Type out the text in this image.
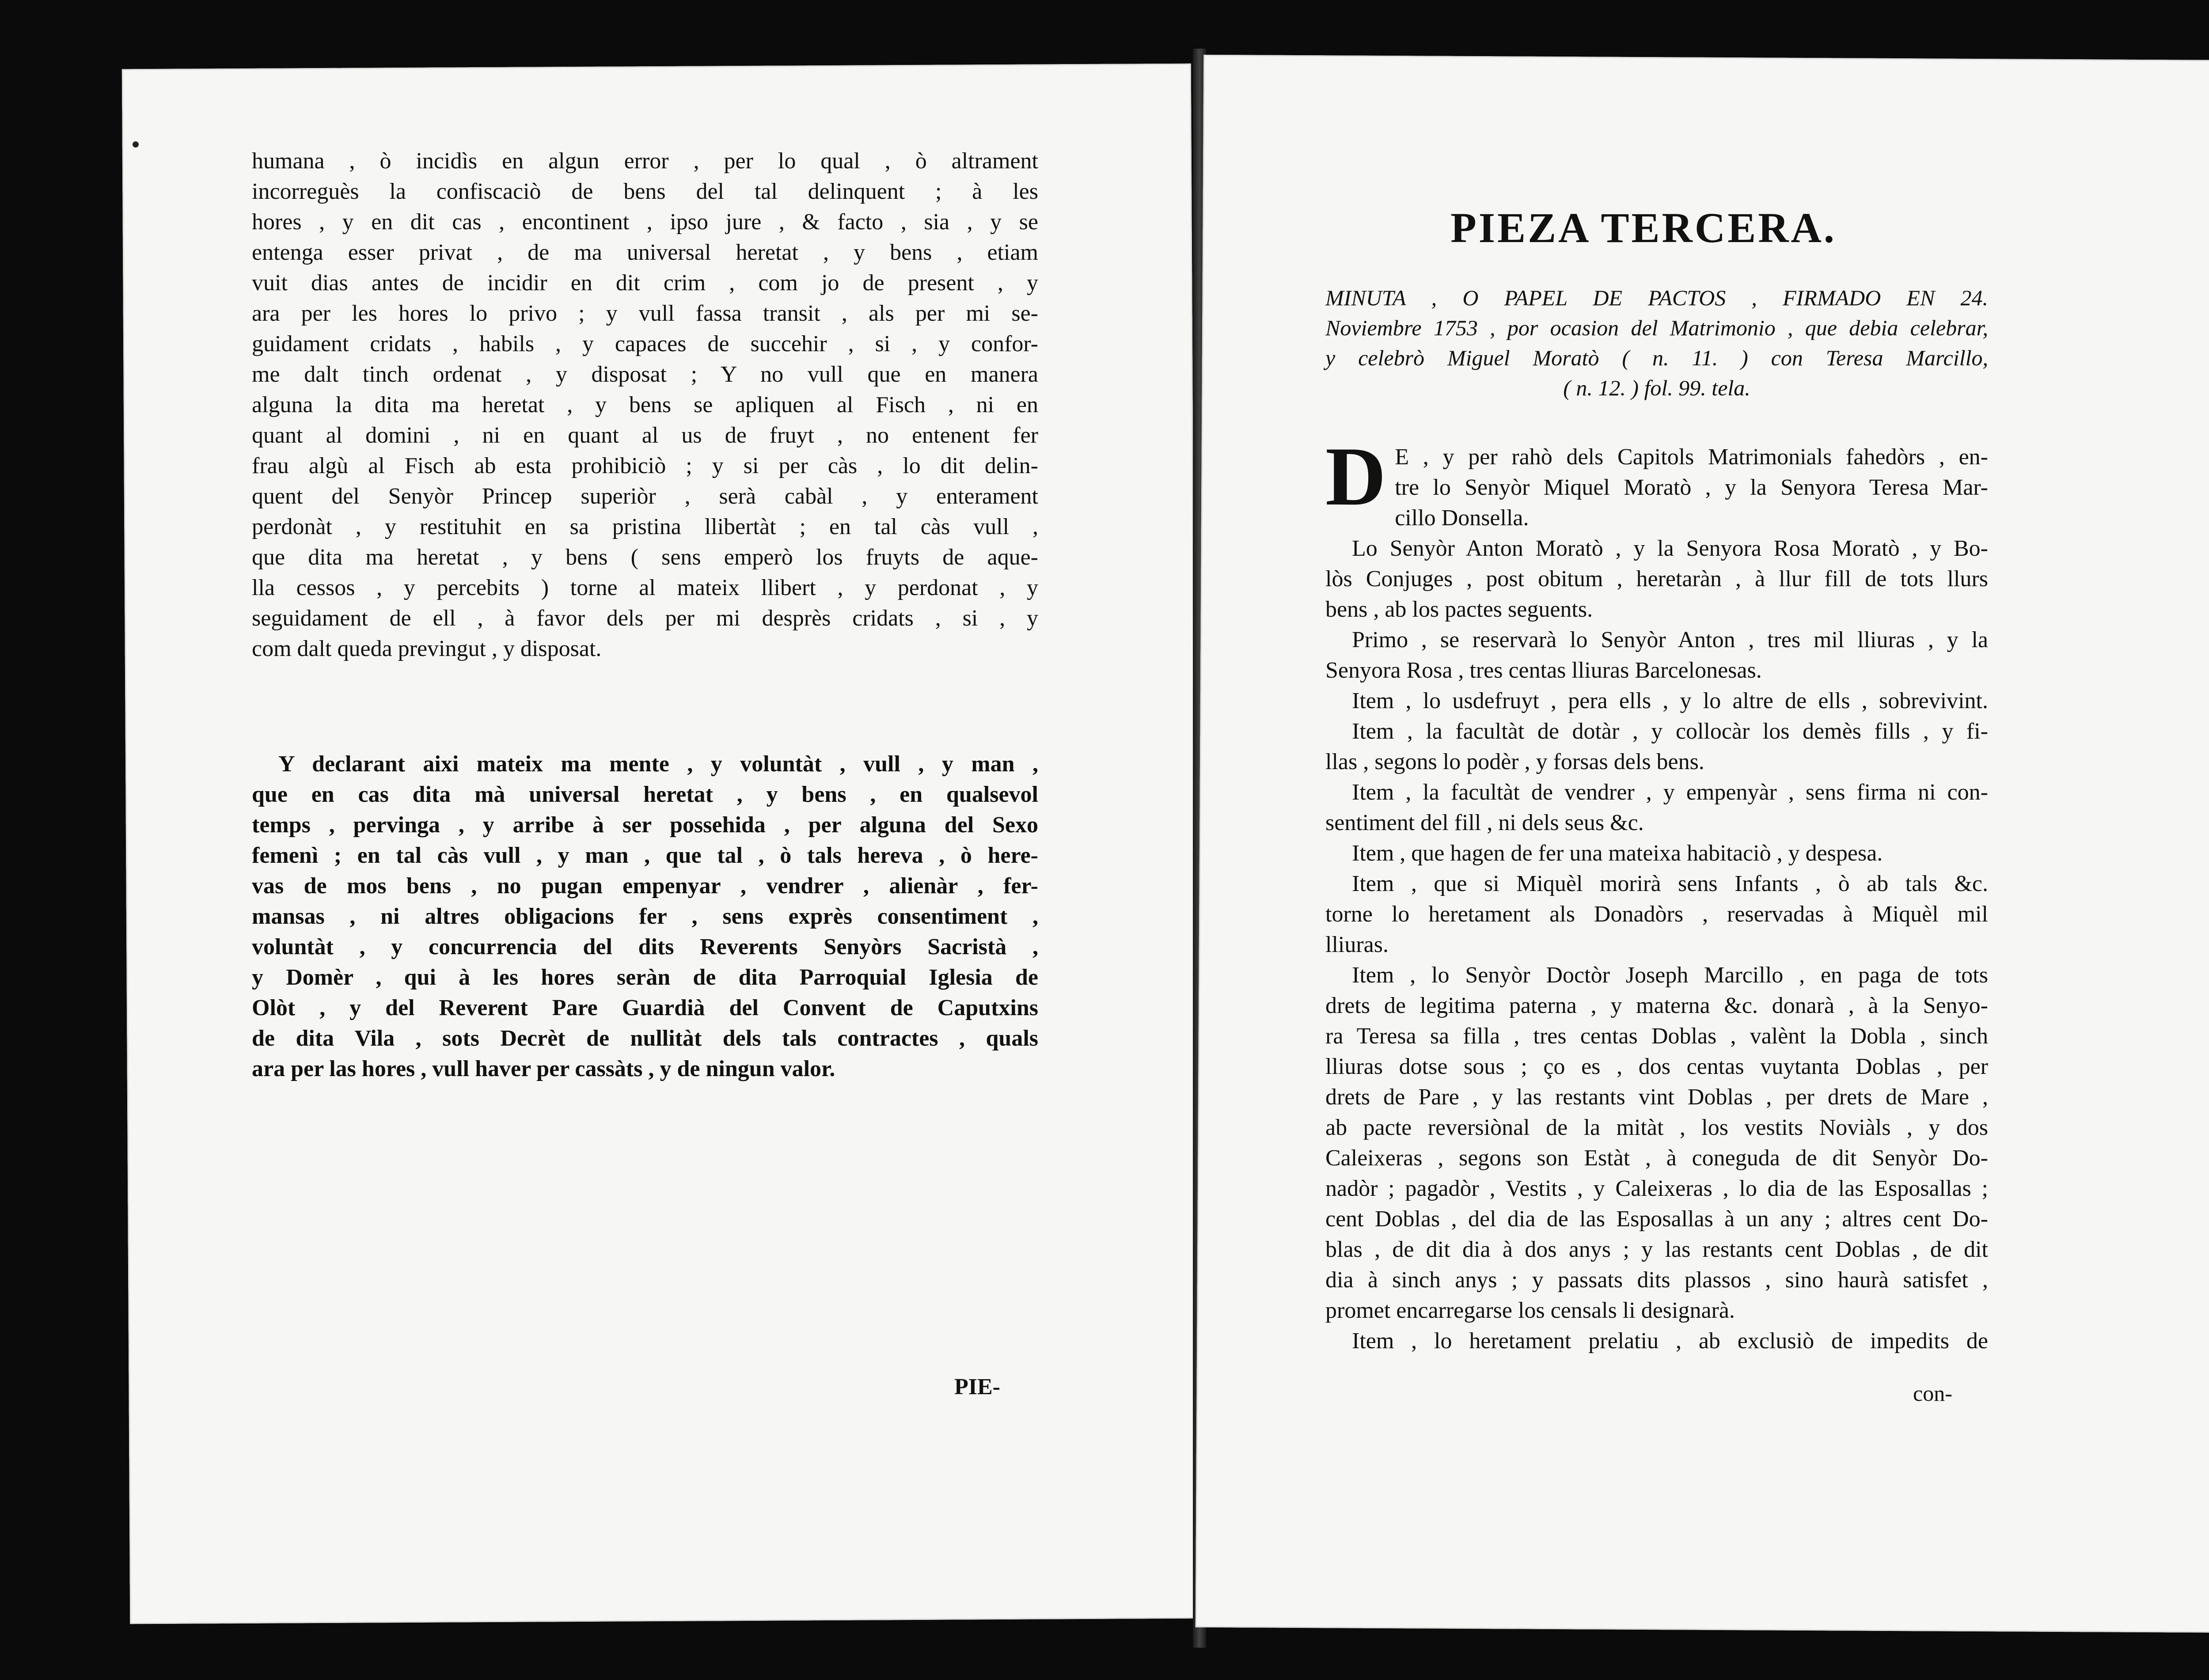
humana , ò incidìs en algun error , per lo qual , ò altrament
incorreguès la confiscaciò de bens del tal delinquent ; à les
hores , y en dit cas , encontinent , ipso jure , & facto , sia , y se
entenga esser privat , de ma universal heretat , y bens , etiam
vuit dias antes de incidir en dit crim , com jo de present , y
ara per les hores lo privo ; y vull fassa transit , als per mi se-
guidament cridats , habils , y capaces de succehir , si , y confor-
me dalt tinch ordenat , y disposat ; Y no vull que en manera
alguna la dita ma heretat , y bens se apliquen al Fisch , ni en
quant al domini , ni en quant al us de fruyt , no entenent fer
frau algù al Fisch ab esta prohibiciò ; y si per càs , lo dit delin-
quent del Senyòr Princep superiòr , serà cabàl , y enterament
perdonàt , y restituhit en sa pristina llibertàt ; en tal càs vull ,
que dita ma heretat , y bens ( sens emperò los fruyts de aque-
lla cessos , y percebits ) torne al mateix llibert , y perdonat , y
seguidament de ell , à favor dels per mi desprès cridats , si , y
com dalt queda previngut , y disposat.
Y declarant aixi mateix ma mente , y voluntàt , vull , y man ,
que en cas dita mà universal heretat , y bens , en qualsevol
temps , pervinga , y arribe à ser possehida , per alguna del Sexo
femenì ; en tal càs vull , y man , que tal , ò tals hereva , ò here-
vas de mos bens , no pugan empenyar , vendrer , alienàr , fer-
mansas , ni altres obligacions fer , sens exprès consentiment ,
voluntàt , y concurrencia del dits Reverents Senyòrs Sacristà ,
y Domèr , qui à les hores seràn de dita Parroquial Iglesia de
Olòt , y del Reverent Pare Guardià del Convent de Caputxins
de dita Vila , sots Decrèt de nullitàt dels tals contractes , quals
ara per las hores , vull haver per cassàts , y de ningun valor.
PIE-
PIEZA TERCERA.
MINUTA , O PAPEL DE PACTOS , FIRMADO EN 24.
Noviembre 1753 , por ocasion del Matrimonio , que debia celebrar,
y celebrò Miguel Moratò ( n. 11. ) con Teresa Marcillo,
( n. 12. ) fol. 99. tela.
D E , y per rahò dels Capitols Matrimonials fahedòrs , en-
tre lo Senyòr Miquel Moratò , y la Senyora Teresa Mar-
cillo Donsella.
Lo Senyòr Anton Moratò , y la Senyora Rosa Moratò , y Bo-
lòs Conjuges , post obitum , heretaràn , à llur fill de tots llurs
bens , ab los pactes seguents.
Primo , se reservarà lo Senyòr Anton , tres mil lliuras , y la
Senyora Rosa , tres centas lliuras Barcelonesas.
Item , lo usdefruyt , pera ells , y lo altre de ells , sobrevivint.
Item , la facultàt de dotàr , y collocàr los demès fills , y fi-
llas , segons lo podèr , y forsas dels bens.
Item , la facultàt de vendrer , y empenyàr , sens firma ni con-
sentiment del fill , ni dels seus &c.
Item , que hagen de fer una mateixa habitaciò , y despesa.
Item , que si Miquèl morirà sens Infants , ò ab tals &c.
torne lo heretament als Donadòrs , reservadas à Miquèl mil
lliuras.
Item , lo Senyòr Doctòr Joseph Marcillo , en paga de tots
drets de legitima paterna , y materna &c. donarà , à la Senyo-
ra Teresa sa filla , tres centas Doblas , valènt la Dobla , sinch
lliuras dotse sous ; ço es , dos centas vuytanta Doblas , per
drets de Pare , y las restants vint Doblas , per drets de Mare ,
ab pacte reversiònal de la mitàt , los vestits Noviàls , y dos
Caleixeras , segons son Estàt , à coneguda de dit Senyòr Do-
nadòr ; pagadòr , Vestits , y Caleixeras , lo dia de las Esposallas ;
cent Doblas , del dia de las Esposallas à un any ; altres cent Do-
blas , de dit dia à dos anys ; y las restants cent Doblas , de dit
dia à sinch anys ; y passats dits plassos , sino haurà satisfet ,
promet encarregarse los censals li designarà.
Item , lo heretament prelatiu , ab exclusiò de impedits de
con-
